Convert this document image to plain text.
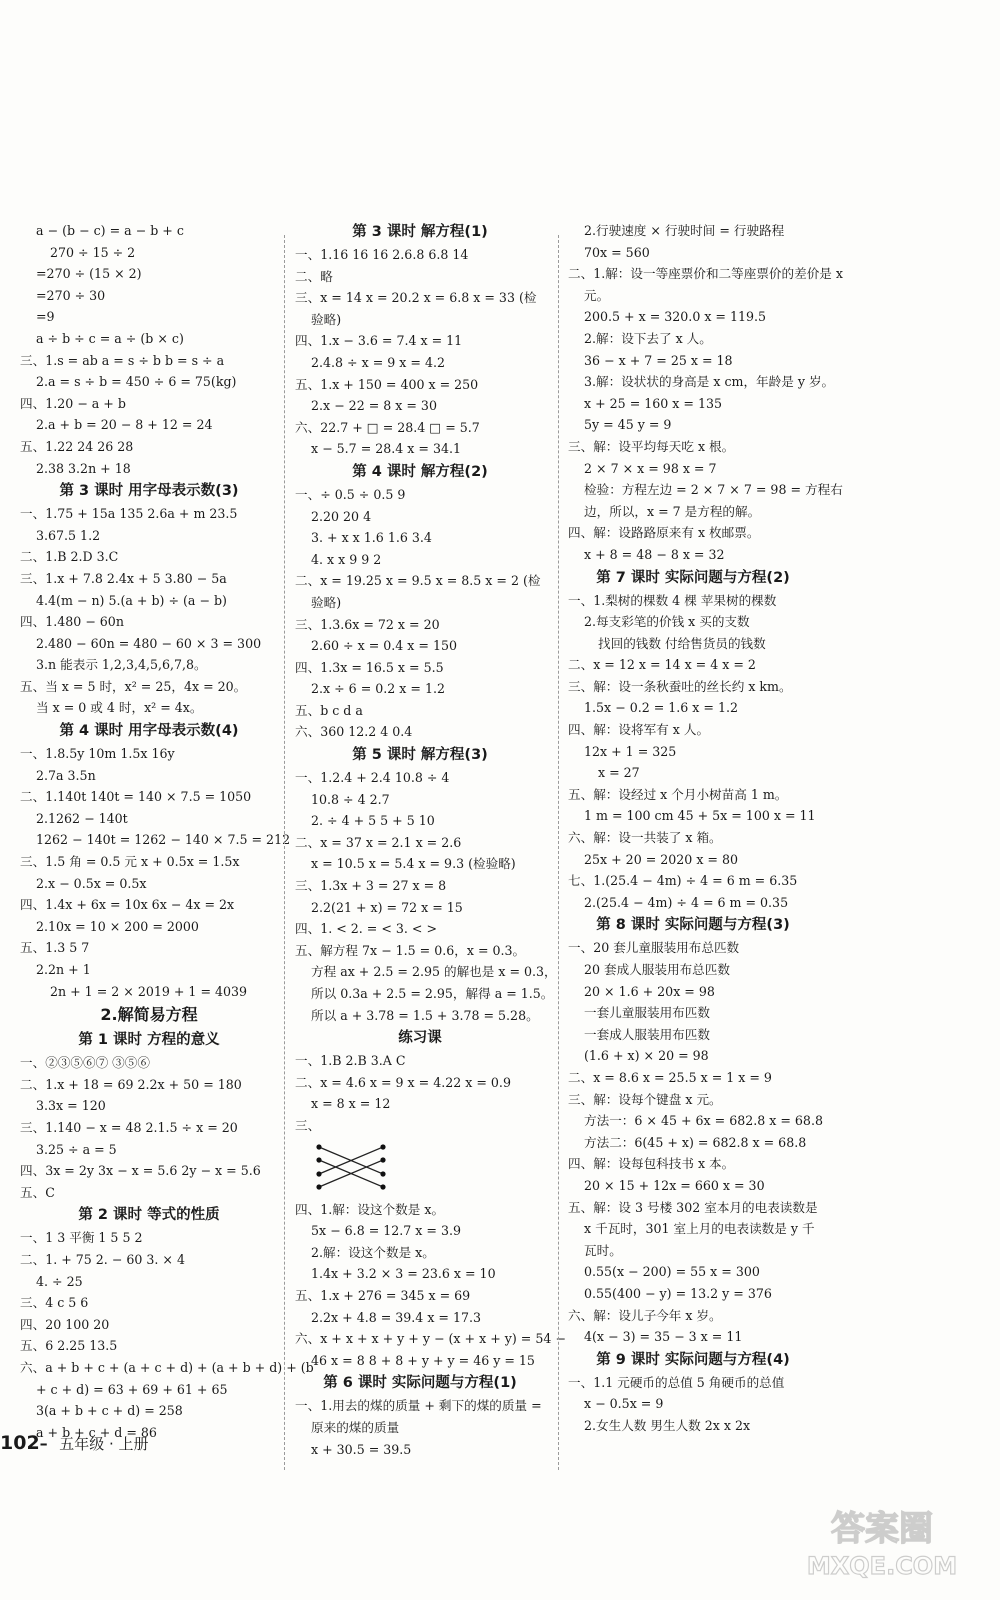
a − (b − c) = a − b + c
270 ÷ 15 ÷ 2
=270 ÷ (15 × 2)
=270 ÷ 30
=9
a ÷ b ÷ c = a ÷ (b × c)
三、1.s = ab a = s ÷ b b = s ÷ a
2.a = s ÷ b = 450 ÷ 6 = 75(kg)
四、1.20 − a + b
2.a + b = 20 − 8 + 12 = 24
五、1.22 24 26 28
2.38 3.2n + 18
第 3 课时 用字母表示数(3)
一、1.75 + 15a 135 2.6a + m 23.5
3.67.5 1.2
二、1.B 2.D 3.C
三、1.x + 7.8 2.4x + 5 3.80 − 5a
4.4(m − n) 5.(a + b) ÷ (a − b)
四、1.480 − 60n
2.480 − 60n = 480 − 60 × 3 = 300
3.n 能表示 1,2,3,4,5,6,7,8。
五、当 x = 5 时，x² = 25，4x = 20。
当 x = 0 或 4 时，x² = 4x。
第 4 课时 用字母表示数(4)
一、1.8.5y 10m 1.5x 16y
2.7a 3.5n
二、1.140t 140t = 140 × 7.5 = 1050
2.1262 − 140t
1262 − 140t = 1262 − 140 × 7.5 = 212
三、1.5 角 = 0.5 元 x + 0.5x = 1.5x
2.x − 0.5x = 0.5x
四、1.4x + 6x = 10x 6x − 4x = 2x
2.10x = 10 × 200 = 2000
五、1.3 5 7
2.2n + 1
2n + 1 = 2 × 2019 + 1 = 4039
2.解简易方程
第 1 课时 方程的意义
一、②③⑤⑥⑦ ③⑤⑥
二、1.x + 18 = 69 2.2x + 50 = 180
3.3x = 120
三、1.140 − x = 48 2.1.5 ÷ x = 20
3.25 ÷ a = 5
四、3x = 2y 3x − x = 5.6 2y − x = 5.6
五、C
第 2 课时 等式的性质
一、1 3 平衡 1 5 5 2
二、1. + 75 2. − 60 3. × 4
4. ÷ 25
三、4 c 5 6
四、20 100 20
五、6 2.25 13.5
六、a + b + c + (a + c + d) + (a + b + d) + (b
+ c + d) = 63 + 69 + 61 + 65
3(a + b + c + d) = 258
a + b + c + d = 86
第 3 课时 解方程(1)
一、1.16 16 16 2.6.8 6.8 14
二、略
三、x = 14 x = 20.2 x = 6.8 x = 33 (检
验略)
四、1.x − 3.6 = 7.4 x = 11
2.4.8 ÷ x = 9 x = 4.2
五、1.x + 150 = 400 x = 250
2.x − 22 = 8 x = 30
六、22.7 + □ = 28.4 □ = 5.7
x − 5.7 = 28.4 x = 34.1
第 4 课时 解方程(2)
一、÷ 0.5 ÷ 0.5 9
2.20 20 4
3. + x x 1.6 1.6 3.4
4. x x 9 9 2
二、x = 19.25 x = 9.5 x = 8.5 x = 2 (检
验略)
三、1.3.6x = 72 x = 20
2.60 ÷ x = 0.4 x = 150
四、1.3x = 16.5 x = 5.5
2.x ÷ 6 = 0.2 x = 1.2
五、b c d a
六、360 12.2 4 0.4
第 5 课时 解方程(3)
一、1.2.4 + 2.4 10.8 ÷ 4
10.8 ÷ 4 2.7
2. ÷ 4 + 5 5 + 5 10
二、x = 37 x = 2.1 x = 2.6
x = 10.5 x = 5.4 x = 9.3 (检验略)
三、1.3x + 3 = 27 x = 8
2.2(21 + x) = 72 x = 15
四、1. < 2. = < 3. < >
五、解方程 7x − 1.5 = 0.6，x = 0.3。
方程 ax + 2.5 = 2.95 的解也是 x = 0.3，
所以 0.3a + 2.5 = 2.95，解得 a = 1.5。
所以 a + 3.78 = 1.5 + 3.78 = 5.28。
练习课
一、1.B 2.B 3.A C
二、x = 4.6 x = 9 x = 4.22 x = 0.9
x = 8 x = 12
三、
四、1.解：设这个数是 x。
5x − 6.8 = 12.7 x = 3.9
2.解：设这个数是 x。
1.4x + 3.2 × 3 = 23.6 x = 10
五、1.x + 276 = 345 x = 69
2.2x + 4.8 = 39.4 x = 17.3
六、x + x + x + y + y − (x + x + y) = 54 −
46 x = 8 8 + 8 + y + y = 46 y = 15
第 6 课时 实际问题与方程(1)
一、1.用去的煤的质量 + 剩下的煤的质量 =
原来的煤的质量
x + 30.5 = 39.5
2.行驶速度 × 行驶时间 = 行驶路程
70x = 560
二、1.解：设一等座票价和二等座票价的差价是 x
元。
200.5 + x = 320.0 x = 119.5
2.解：设下去了 x 人。
36 − x + 7 = 25 x = 18
3.解：设状状的身高是 x cm，年龄是 y 岁。
x + 25 = 160 x = 135
5y = 45 y = 9
三、解：设平均每天吃 x 根。
2 × 7 × x = 98 x = 7
检验：方程左边 = 2 × 7 × 7 = 98 = 方程右
边，所以，x = 7 是方程的解。
四、解：设路路原来有 x 枚邮票。
x + 8 = 48 − 8 x = 32
第 7 课时 实际问题与方程(2)
一、1.梨树的棵数 4 棵 苹果树的棵数
2.每支彩笔的价钱 x 买的支数
找回的钱数 付给售货员的钱数
二、x = 12 x = 14 x = 4 x = 2
三、解：设一条秋蚕吐的丝长约 x km。
1.5x − 0.2 = 1.6 x = 1.2
四、解：设将军有 x 人。
12x + 1 = 325
x = 27
五、解：设经过 x 个月小树苗高 1 m。
1 m = 100 cm 45 + 5x = 100 x = 11
六、解：设一共装了 x 箱。
25x + 20 = 2020 x = 80
七、1.(25.4 − 4m) ÷ 4 = 6 m = 6.35
2.(25.4 − 4m) ÷ 4 = 6 m = 0.35
第 8 课时 实际问题与方程(3)
一、20 套儿童服装用布总匹数
20 套成人服装用布总匹数
20 × 1.6 + 20x = 98
一套儿童服装用布匹数
一套成人服装用布匹数
(1.6 + x) × 20 = 98
二、x = 8.6 x = 25.5 x = 1 x = 9
三、解：设每个键盘 x 元。
方法一：6 × 45 + 6x = 682.8 x = 68.8
方法二：6(45 + x) = 682.8 x = 68.8
四、解：设每包科技书 x 本。
20 × 15 + 12x = 660 x = 30
五、解：设 3 号楼 302 室本月的电表读数是
x 千瓦时，301 室上月的电表读数是 y 千
瓦时。
0.55(x − 200) = 55 x = 300
0.55(400 − y) = 13.2 y = 376
六、解：设儿子今年 x 岁。
4(x − 3) = 35 − 3 x = 11
第 9 课时 实际问题与方程(4)
一、1.1 元硬币的总值 5 角硬币的总值
x − 0.5x = 9
2.女生人数 男生人数 2x x 2x
102– 五年级 · 上册
答案圈
MXQE.COM
